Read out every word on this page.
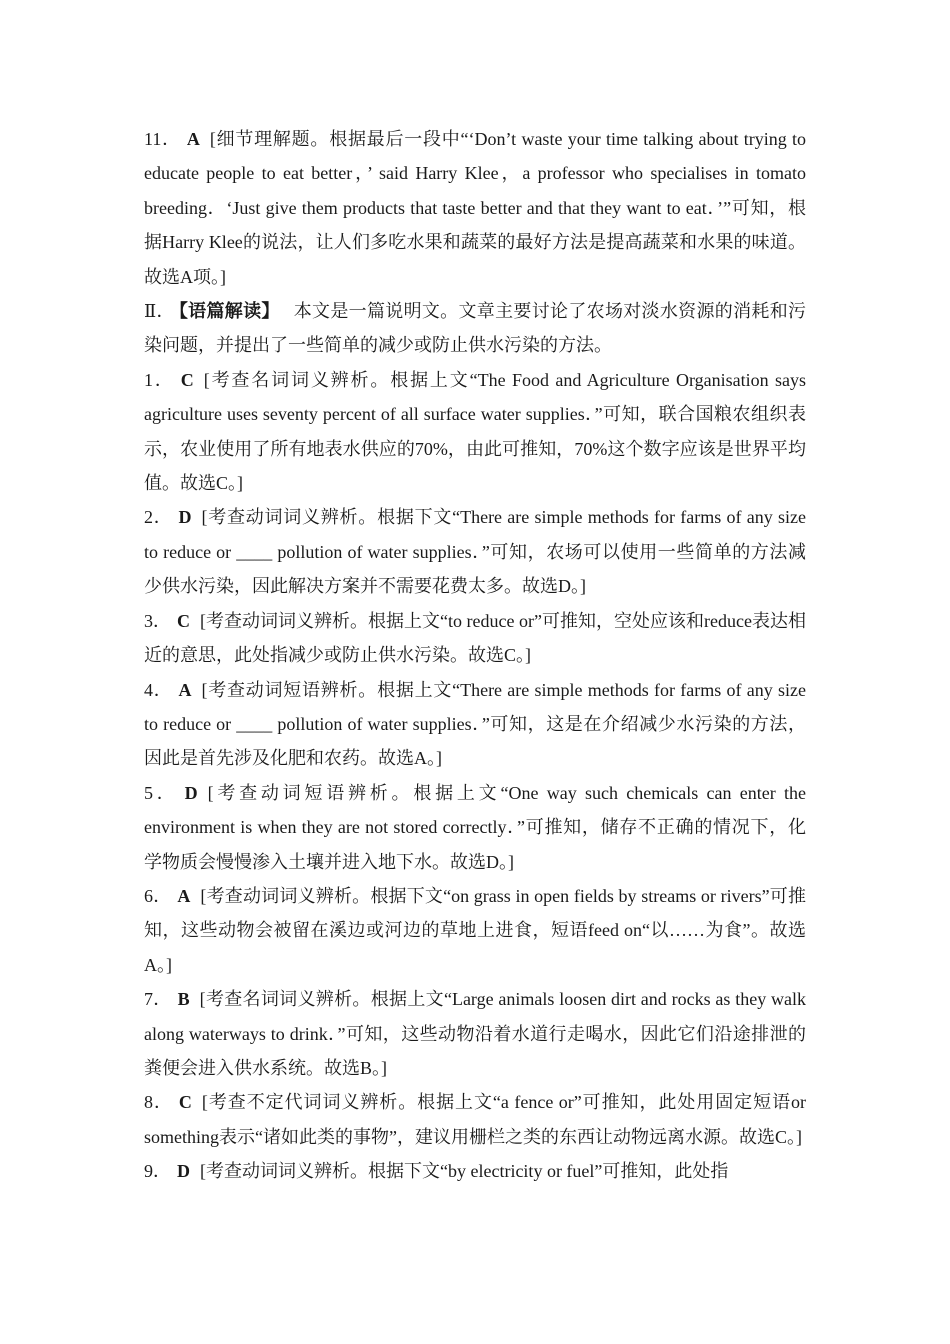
11． A [细节理解题。根据最后一段中“‘Don’t waste your time talking about trying to educate people to eat better，’ said Harry Klee，a professor who specialises in tomato breeding．‘Just give them products that taste better and that they want to eat．’”可知，根据Harry Klee的说法，让人们多吃水果和蔬菜的最好方法是提高蔬菜和水果的味道。故选A项。]

Ⅱ． 【语篇解读】 本文是一篇说明文。文章主要讨论了农场对淡水资源的消耗和污染问题，并提出了一些简单的减少或防止供水污染的方法。

1． C [考查名词词义辨析。根据上文“The Food and Agriculture Organisation says agriculture uses seventy percent of all surface water supplies．”可知，联合国粮农组织表示，农业使用了所有地表水供应的70%，由此可推知，70%这个数字应该是世界平均值。故选C。]

2． D [考查动词词义辨析。根据下文“There are simple methods for farms of any size to reduce or ____ pollution of water supplies．”可知，农场可以使用一些简单的方法减少供水污染，因此解决方案并不需要花费太多。故选D。]

3． C [考查动词词义辨析。根据上文“to reduce or”可推知，空处应该和reduce表达相近的意思，此处指减少或防止供水污染。故选C。]

4． A [考查动词短语辨析。根据上文“There are simple methods for farms of any size to reduce or ____ pollution of water supplies．”可知，这是在介绍减少水污染的方法，因此是首先涉及化肥和农药。故选A。]

5． D [考查动词短语辨析。根据上文“One way such chemicals can enter the environment is when they are not stored correctly．”可推知，储存不正确的情况下，化学物质会慢慢渗入土壤并进入地下水。故选D。]

6． A [考查动词词义辨析。根据下文“on grass in open fields by streams or rivers”可推知，这些动物会被留在溪边或河边的草地上进食，短语feed on“以……为食”。故选A。]

7． B [考查名词词义辨析。根据上文“Large animals loosen dirt and rocks as they walk along waterways to drink．”可知，这些动物沿着水道行走喝水，因此它们沿途排泄的粪便会进入供水系统。故选B。]

8． C [考查不定代词词义辨析。根据上文“a fence or”可推知，此处用固定短语or something表示“诸如此类的事物”，建议用栅栏之类的东西让动物远离水源。故选C。]

9． D [考查动词词义辨析。根据下文“by electricity or fuel”可推知，此处指
